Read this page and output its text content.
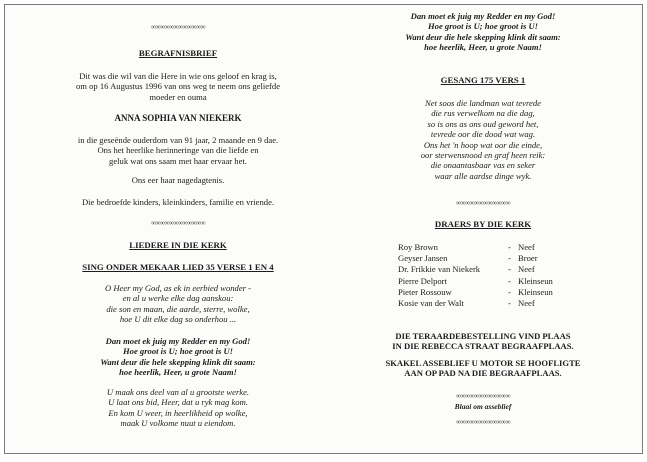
∞∞∞∞∞∞∞∞∞∞∞∞
BEGRAFNISBRIEF

Dit was die wil van die Here in wie ons geloof en krag is,

om op 16 Augustus 1996 van ons weg te neem ons geliefde

moeder en ouma

ANNA SOPHIA VAN NIEKERK

in die geseënde ouderdom van 91 jaar, 2 maande en 9 dae.

Ons het heerlike herinneringe van die liefde en

geluk wat ons saam met haar ervaar het.

Ons eer haar nagedagtenis.
Die bedroefde kinders, kleinkinders, familie en vriende.
∞∞∞∞∞∞∞∞∞∞∞∞
LIEDERE IN DIE KERK
SING ONDER MEKAAR LIED 35 VERSE 1 EN 4

O Heer my God, as ek in eerbied wonder -

en al u werke elke dag aanskou:

die son en maan, die aarde, sterre, wolke,

hoe U dit elke dag so onderhou ...

Dan moet ek juig my Redder en my God!

Hoe groot is U; hoe groot is U!

Want deur die hele skepping klink dit saam:

hoe heerlik, Heer, u grote Naam!

U maak ons deel van al u grootste werke.

U laat ons bid, Heer, dat u ryk mag kom.

En kom U weer, in heerlikheid op wolke,

maak U volkome nuut u eiendom.

Dan moet ek juig my Redder en my God!

Hoe groot is U; hoe groot is U!

Want deur die hele skepping klink dit saam:

hoe heerlik, Heer, u grote Naam!

GESANG 175 VERS 1

Net soos die landman wat tevrede

die rus verwelkom na die dag,

so is ons as ons oud geword het,

tevrede oor die dood wat wag.

Ons het 'n hoop wat oor die einde,

oor sterwensnood en graf heen reik:

die onaantasbaar vas en seker

waar alle aardse dinge wyk.

∞∞∞∞∞∞∞∞∞∞∞∞
DRAERS BY DIE KERK

DIE TERAARDEBESTELLING VIND PLAAS

IN DIE REBECCA STRAAT BEGRAAFPLAAS.

SKAKEL ASSEBLIEF U MOTOR SE HOOFLIGTE

AAN OP PAD NA DIE BEGRAAFPLAAS.

∞∞∞∞∞∞∞∞∞∞∞∞
Blaai om asseblief
∞∞∞∞∞∞∞∞∞∞∞∞
Roy Brown	- Neef
Geyser Jansen	- Broer
Dr. Frikkie van Niekerk	- Neef
Pierre Delport	- Kleinseun
Pieter Rossouw	- Kleinseun
Kosie van der Walt	- Neef
